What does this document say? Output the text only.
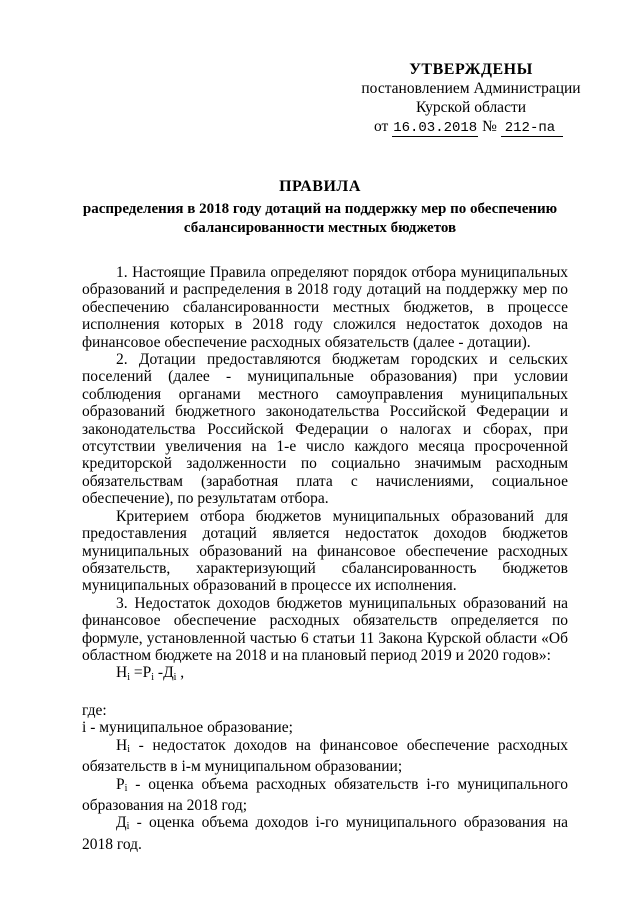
УТВЕРЖДЕНЫ
постановлением Администрации
Курской области
от 16.03.2018 № 212-па
ПРАВИЛА
распределения в 2018 году дотаций на поддержку мер по обеспечению сбалансированности местных бюджетов

1. Настоящие Правила определяют порядок отбора муниципальных образований и распределения в 2018 году дотаций на поддержку мер по обеспечению сбалансированности местных бюджетов, в процессе исполнения которых в 2018 году сложился недостаток доходов на финансовое обеспечение расходных обязательств (далее - дотации).

2. Дотации предоставляются бюджетам городских и сельских поселений (далее - муниципальные образования) при условии соблюдения органами местного самоуправления муниципальных образований бюджетного законодательства Российской Федерации и законодательства Российской Федерации о налогах и сборах, при отсутствии увеличения на 1-е число каждого месяца просроченной кредиторской задолженности по социально значимым расходным обязательствам (заработная плата с начислениями, социальное обеспечение), по результатам отбора.

Критерием отбора бюджетов муниципальных образований для предоставления дотаций является недостаток доходов бюджетов муниципальных образований на финансовое обеспечение расходных обязательств, характеризующий сбалансированность бюджетов муниципальных образований в процессе их исполнения.

3. Недостаток доходов бюджетов муниципальных образований на финансовое обеспечение расходных обязательств определяется по формуле, установленной частью 6 статьи 11 Закона Курской области «Об областном бюджете на 2018 и на плановый период 2019 и 2020 годов»:

$Н_i =Р_i$ $-Д_i$ ,

где:

i - муниципальное образование;

$Н_i$ - недостаток доходов на финансовое обеспечение расходных обязательств в i-м муниципальном образовании;

$Р_i$ - оценка объема расходных обязательств i-го муниципального образования на 2018 год;

$Д_i$ - оценка объема доходов i-го муниципального образования на 2018 год.
